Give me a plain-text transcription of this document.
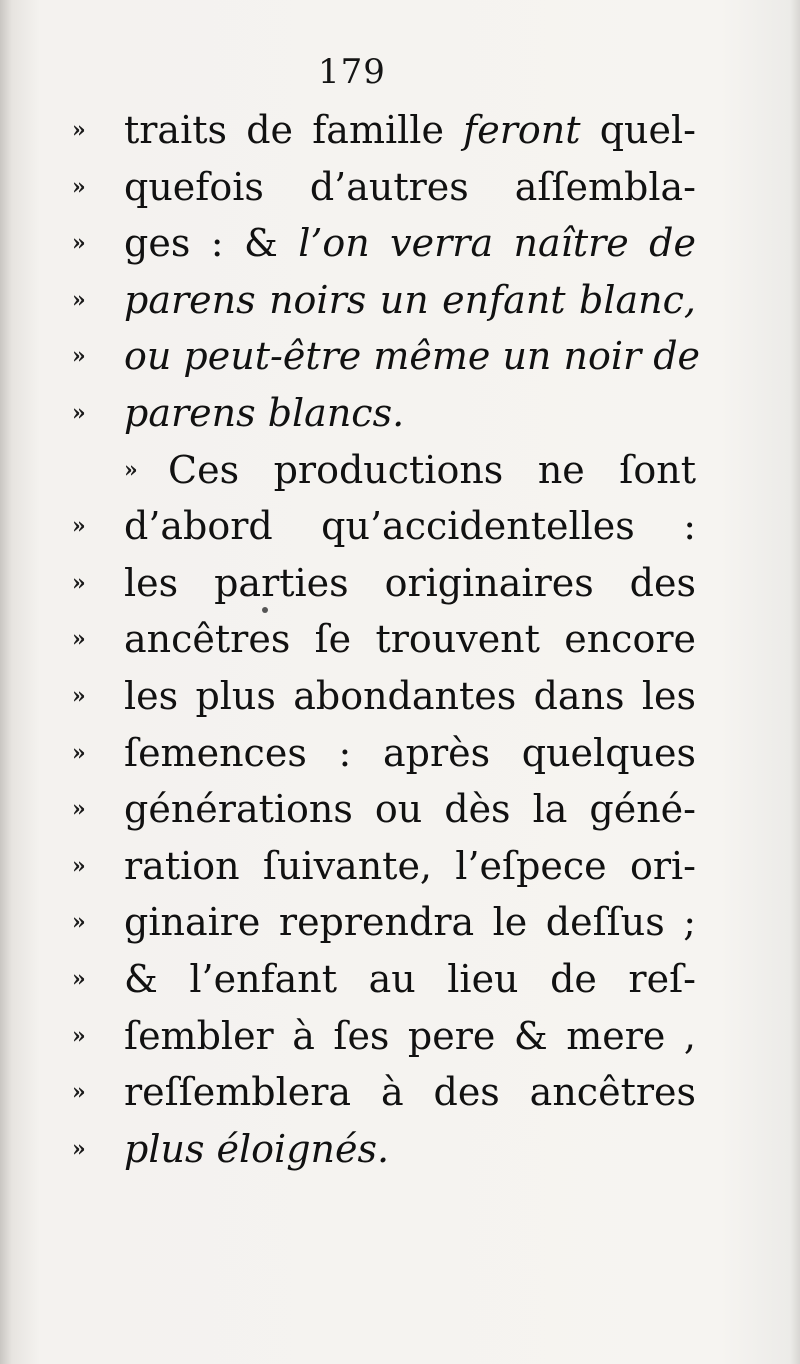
179
» traits de famille feront quel-
» quefois d’autres aſſembla-
» ges : & l’on verra naître de
» parens noirs un enfant blanc,
» ou peut-être même un noir de
» parens blancs.
» Ces productions ne ſont
» d’abord qu’accidentelles :
» les parties originaires des
» ancêtres ſe trouvent encore
» les plus abondantes dans les
» ſemences : après quelques
» générations ou dès la géné-
» ration ſuivante, l’eſpece ori-
» ginaire reprendra le deſſus ;
» & l’enfant au lieu de reſ-
» ſembler à ſes pere & mere ,
» reſſemblera à des ancêtres
» plus éloignés.
